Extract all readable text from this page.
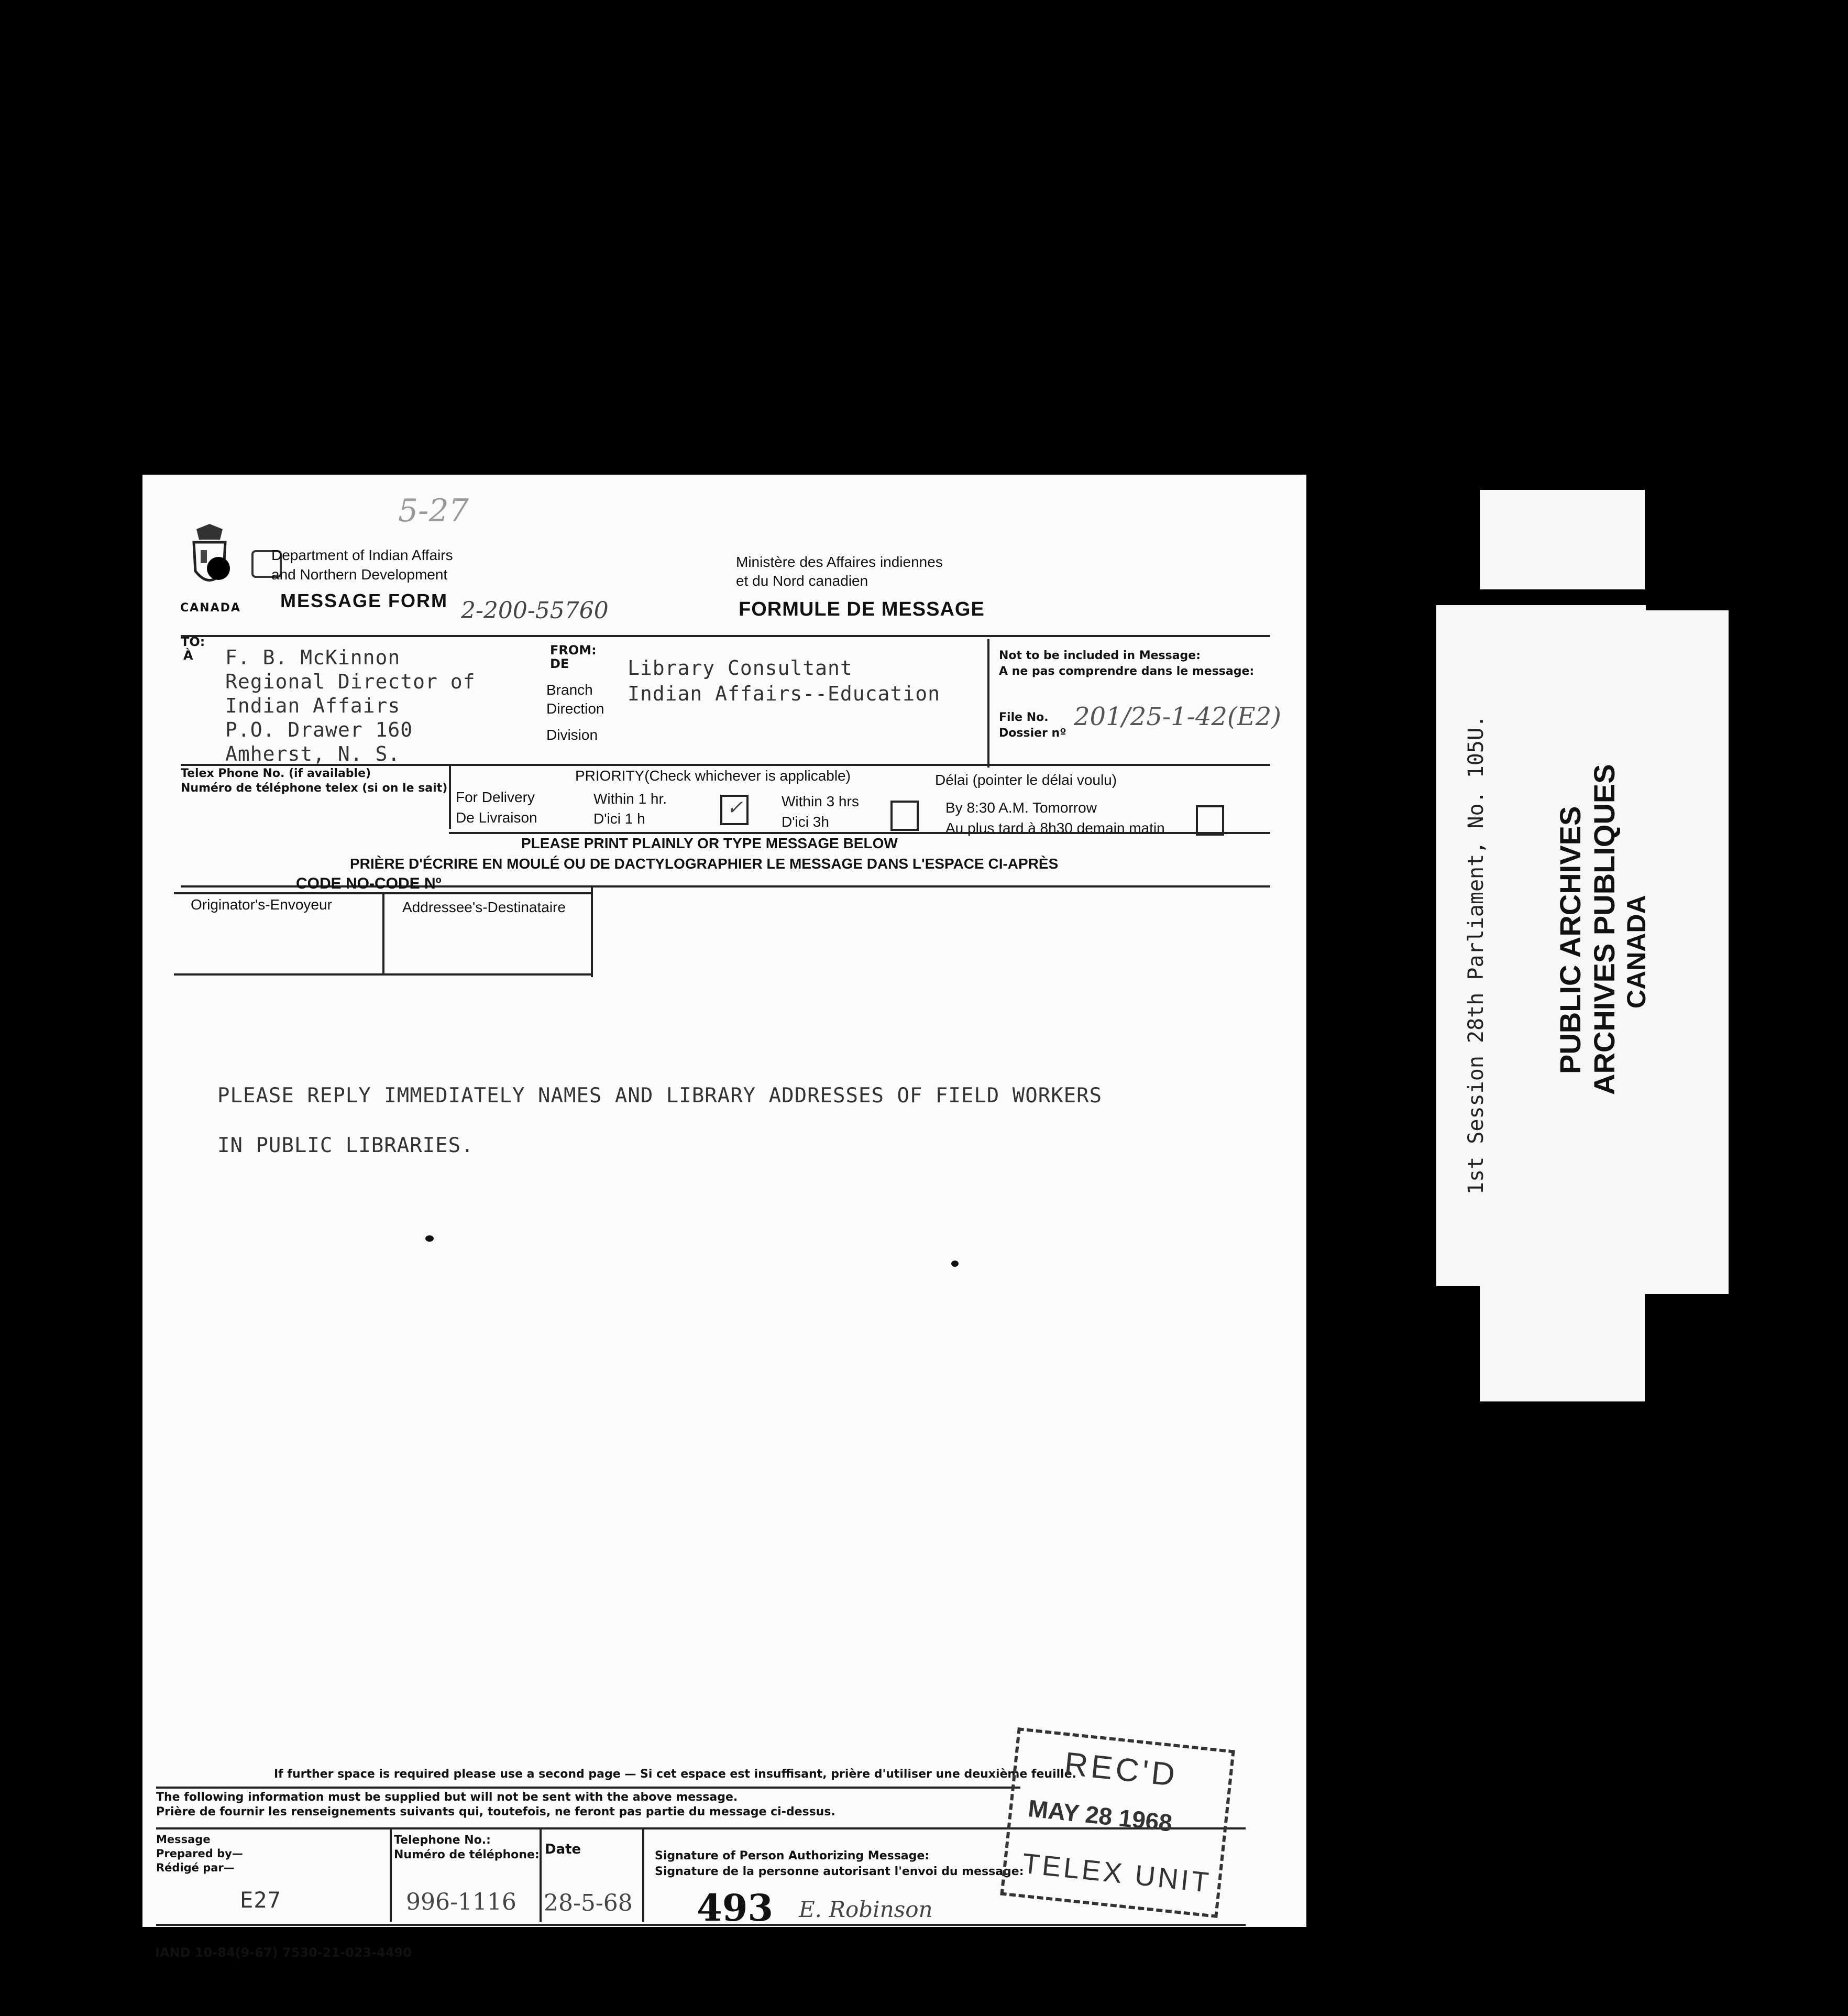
5-27
CANADA
Department of Indian Affairs
and Northern Development
MESSAGE FORM 2-200-55760
Ministère des Affaires indiennes
et du Nord canadien
FORMULE DE MESSAGE
TO:
À F. B. McKinnon
Regional Director of
Indian Affairs
P.O. Drawer 160
Amherst, N. S.
FROM:
DE
Branch
Direction
Division
Library Consultant
Indian Affairs--Education
Not to be included in Message:
A ne pas comprendre dans le message:
File No.
Dossier nº
201/25-1-42(E2)
Telex Phone No. (if available)
Numéro de téléphone telex (si on le sait)
PRIORITY(Check whichever is applicable)	Délai (pointer le délai voulu)
For Delivery
De Livraison
Within 1 hr.
D'ici 1 h	✓	Within 3 hrs
D'ici 3h
By 8:30 A.M. Tomorrow
Au plus tard à 8h30 demain matin
PLEASE PRINT PLAINLY OR TYPE MESSAGE BELOW
PRIÈRE D'ÉCRIRE EN MOULÉ OU DE DACTYLOGRAPHIER LE MESSAGE DANS L'ESPACE CI-APRÈS
CODE NO-CODE Nº
Originator's-Envoyeur	Addressee's-Destinataire
PLEASE REPLY IMMEDIATELY NAMES AND LIBRARY ADDRESSES OF FIELD WORKERS
IN PUBLIC LIBRARIES.
If further space is required please use a second page — Si cet espace est insuffisant, prière d'utiliser une deuxième feuille.
The following information must be supplied but will not be sent with the above message.
Prière de fournir les renseignements suivants qui, toutefois, ne feront pas partie du message ci-dessus.
Message
Prepared by—
Rédigé par—
E27
Telephone No.:
Numéro de téléphone:
996-1116
Date
28-5-68
Signature of Person Authorizing Message:
Signature de la personne autorisant l'envoi du message:
493 E. Robinson
IAND 10-84(9-67) 7530-21-023-4490
REC'D
MAY 28 1968
TELEX UNIT
1st Session 28th Parliament, No. 105U. PUBLIC ARCHIVES ARCHIVES PUBLIQUES CANADA
